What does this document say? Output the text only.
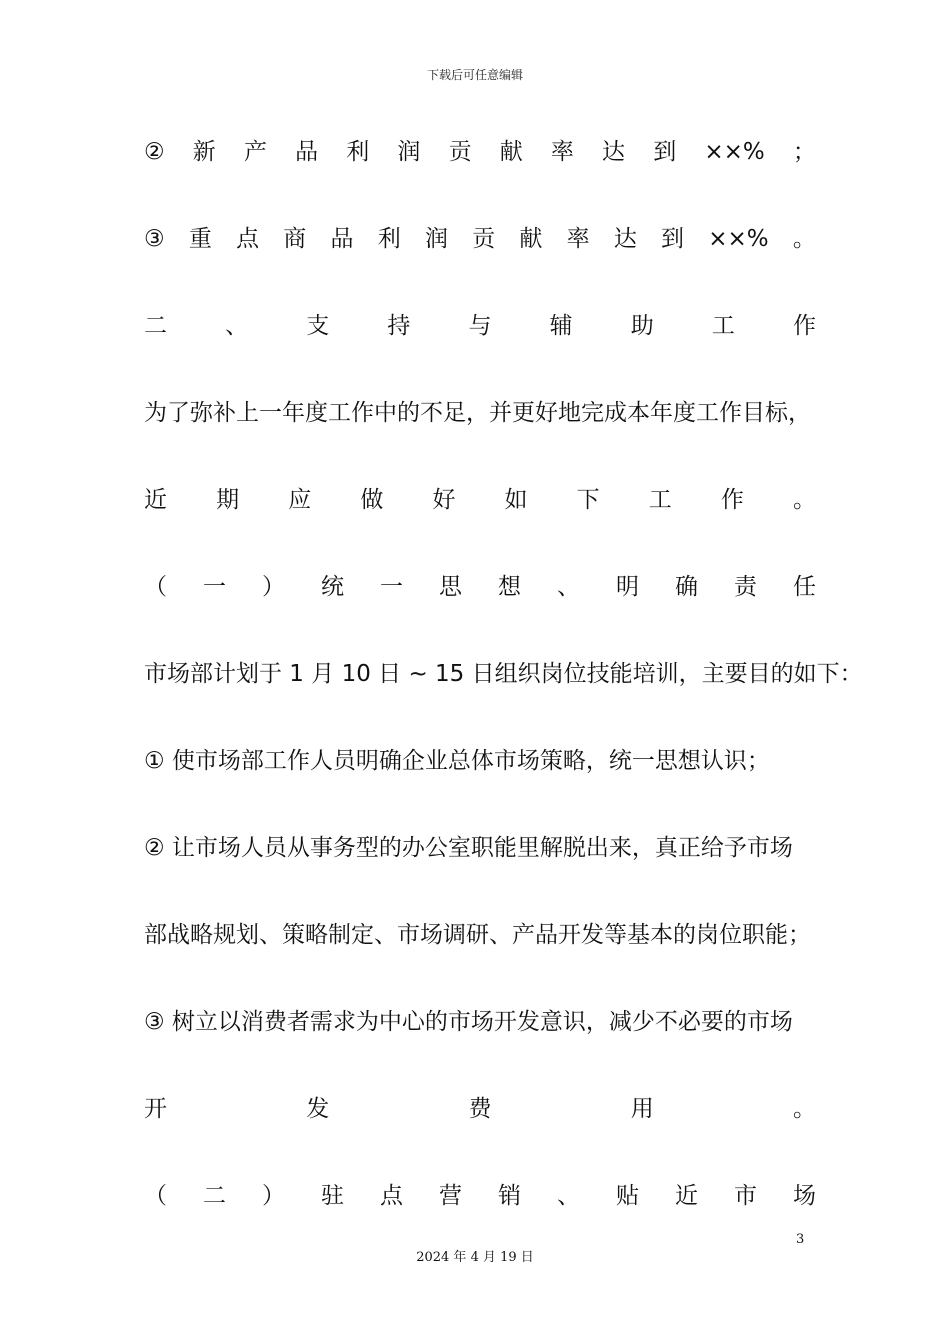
下载后可任意编辑
② 新 产 品 利 润 贡 献 率 达 到 ××% ；
③ 重 点 商 品 利 润 贡 献 率 达 到 ××% 。
二	、	支	持	与	辅	助	工	作
为了弥补上一年度工作中的不足，并更好地完成本年度工作目标，
近 期 应 做 好 如 下 工 作 。
（ 一 ） 统 一 思 想 、 明 确 责 任
市场部计划于 1 月 10 日 ~ 15 日组织岗位技能培训，主要目的如下：
① 使市场部工作人员明确企业总体市场策略，统一思想认识；
② 让市场人员从事务型的办公室职能里解脱出来，真正给予市场
部战略规划、策略制定、市场调研、产品开发等基本的岗位职能；
③ 树立以消费者需求为中心的市场开发意识，减少不必要的市场
开	发	费	用	。
（ 二 ） 驻 点 营 销 、 贴 近 市 场
3
2024 年 4 月 19 日
